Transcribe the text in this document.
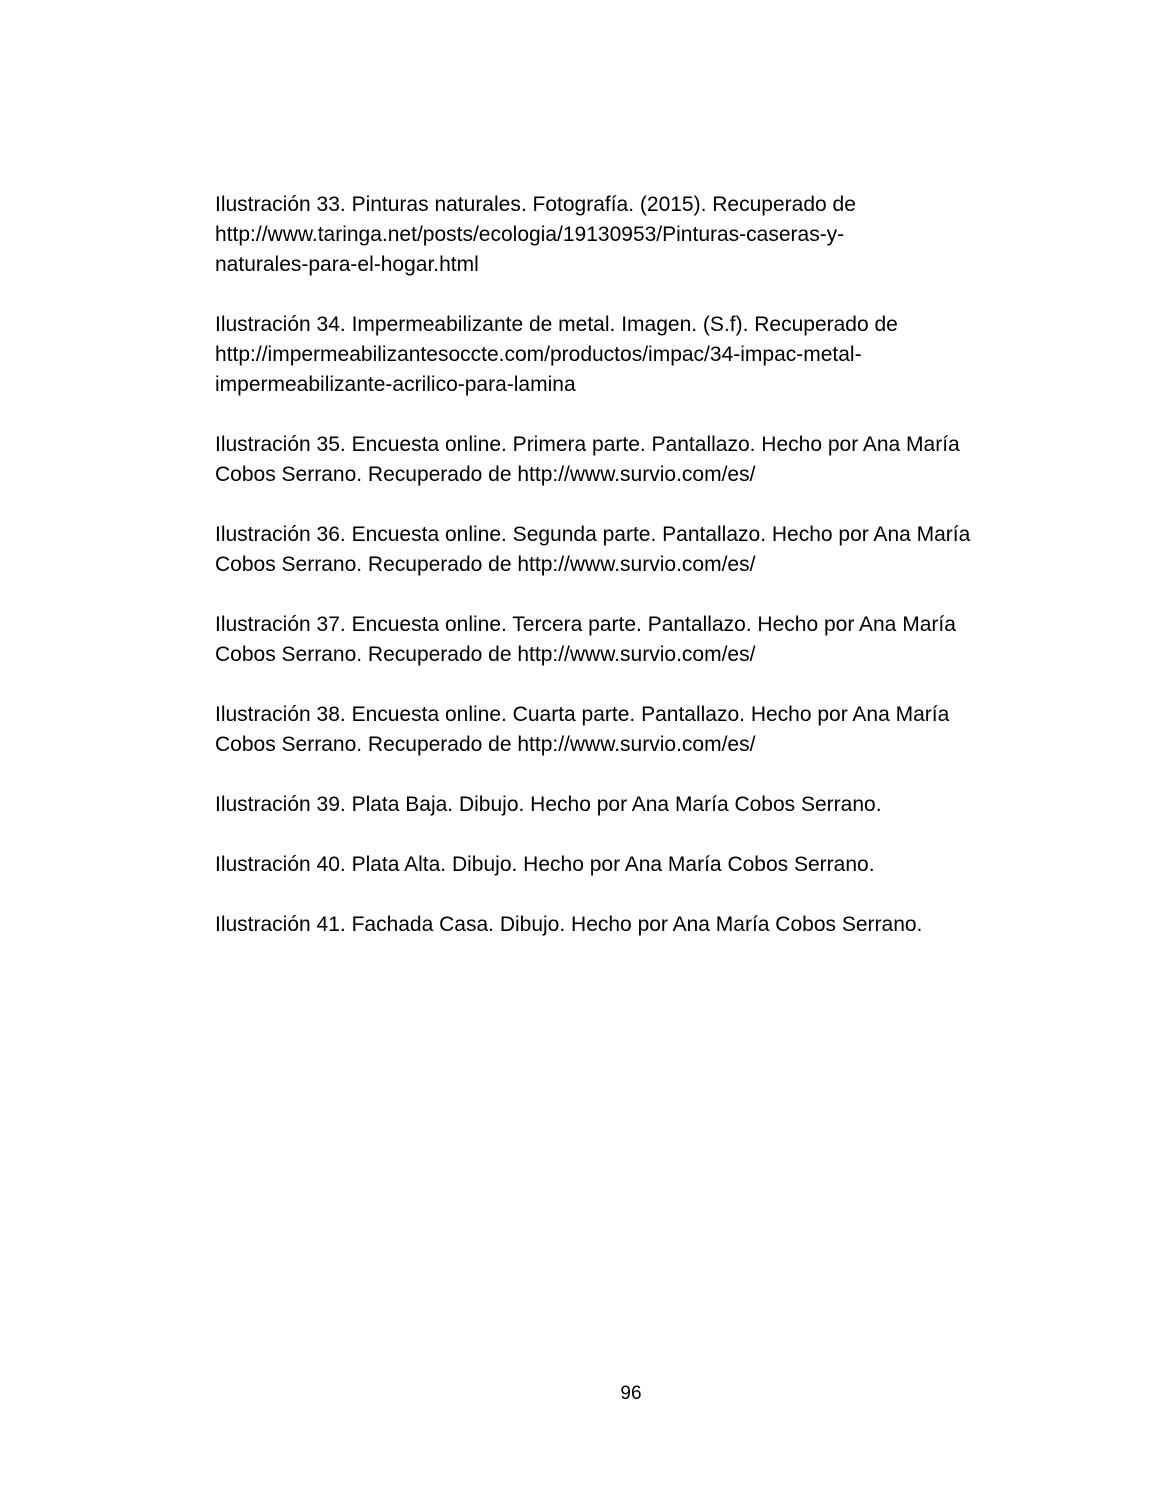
Ilustración 33. Pinturas naturales. Fotografía. (2015). Recuperado de
http://www.taringa.net/posts/ecologia/19130953/Pinturas-caseras-y-
naturales-para-el-hogar.html

Ilustración 34. Impermeabilizante de metal. Imagen. (S.f). Recuperado de
http://impermeabilizantesoccte.com/productos/impac/34-impac-metal-
impermeabilizante-acrilico-para-lamina

Ilustración 35. Encuesta online. Primera parte. Pantallazo. Hecho por Ana María
Cobos Serrano. Recuperado de http://www.survio.com/es/

Ilustración 36. Encuesta online. Segunda parte. Pantallazo. Hecho por Ana María
Cobos Serrano. Recuperado de http://www.survio.com/es/

Ilustración 37. Encuesta online. Tercera parte. Pantallazo. Hecho por Ana María
Cobos Serrano. Recuperado de http://www.survio.com/es/

Ilustración 38. Encuesta online. Cuarta parte. Pantallazo. Hecho por Ana María
Cobos Serrano. Recuperado de http://www.survio.com/es/

Ilustración 39. Plata Baja. Dibujo. Hecho por Ana María Cobos Serrano.

Ilustración 40. Plata Alta. Dibujo. Hecho por Ana María Cobos Serrano.

Ilustración 41. Fachada Casa. Dibujo. Hecho por Ana María Cobos Serrano.

96
